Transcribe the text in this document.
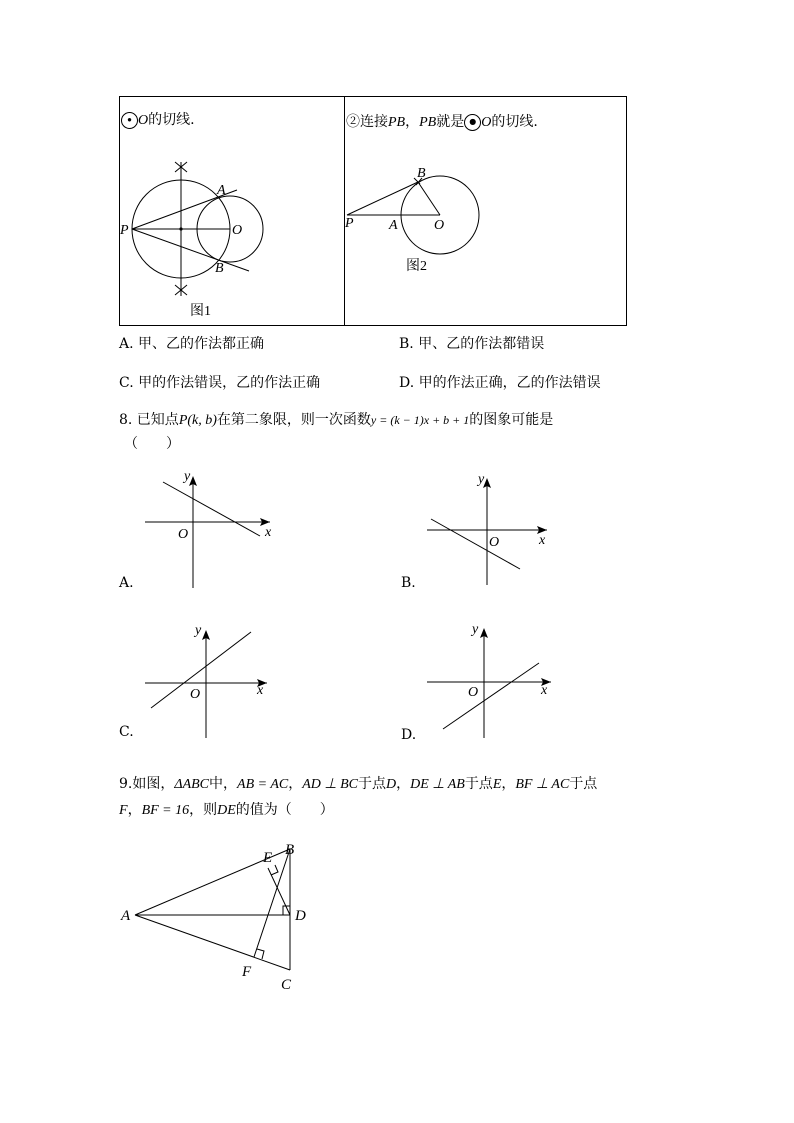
● O的切线.	②连接PB，PB就是 ● O的切线.
P
A
O
B
图1
P	A	O
B
图2
A. 甲、乙的作法都正确	B. 甲、乙的作法都错误
C. 甲的作法错误，乙的作法正确	D. 甲的作法正确，乙的作法错误
8. 已知点P(k, b)在第二象限，则一次函数y = (k − 1)x + b + 1的图象可能是
（　　）
y
x
O
A.
y
x
O
B.
y
x
O
C.
y
x
O
D.
9.如图，ΔABC中，AB = AC，AD ⊥ BC于点D，DE ⊥ AB于点E，BF ⊥ AC于点
F，BF = 16，则DE的值为（　　）
A
B
C
D
E
F
